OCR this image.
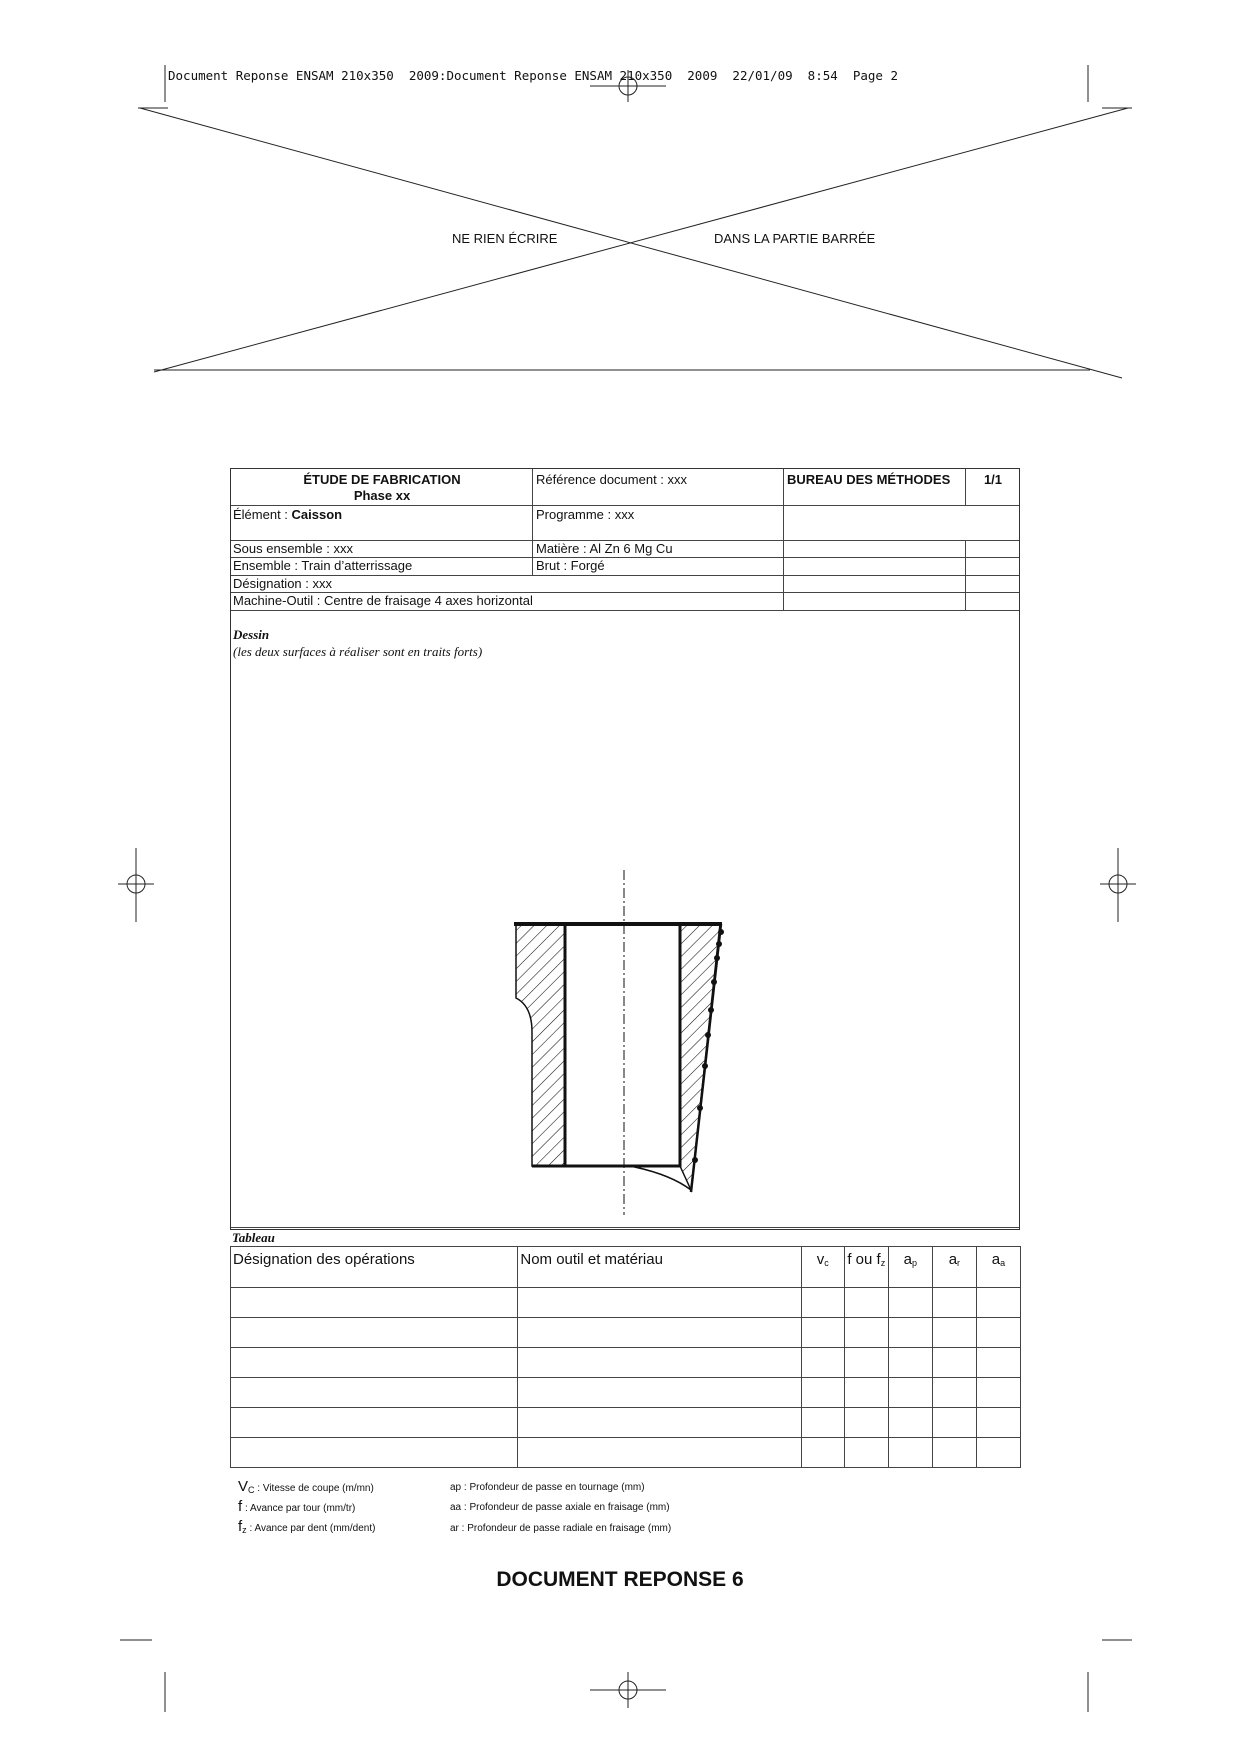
Document Reponse ENSAM 210x350  2009:Document Reponse ENSAM 210x350  2009  22/01/09  8:54  Page 2
NE RIEN ÉCRIRE	DANS LA PARTIE BARRÉE
ÉTUDE DE FABRICATION
Phase xx
Référence document : xxx	BUREAU DES MÉTHODES	1/1
Élément : Caisson	Programme : xxx
Sous ensemble : xxx	Matière : Al Zn 6 Mg Cu
Ensemble : Train d’atterrissage	Brut : Forgé
Désignation : xxx
Machine-Outil : Centre de fraisage 4 axes horizontal
Dessin
(les deux surfaces à réaliser sont en traits forts)
Tableau
Désignation des opérations	Nom outil et matériau	$v_c$	f ou $f_z$	$a_p$	$a_r$	$a_a$

$V_C$ : Vitesse de coupe (m/mn)
f : Avance par tour (mm/tr)
$f_z$ : Avance par dent (mm/dent)
ap : Profondeur de passe en tournage (mm)
aa : Profondeur de passe axiale en fraisage (mm)
ar : Profondeur de passe radiale en fraisage (mm)
DOCUMENT REPONSE 6
